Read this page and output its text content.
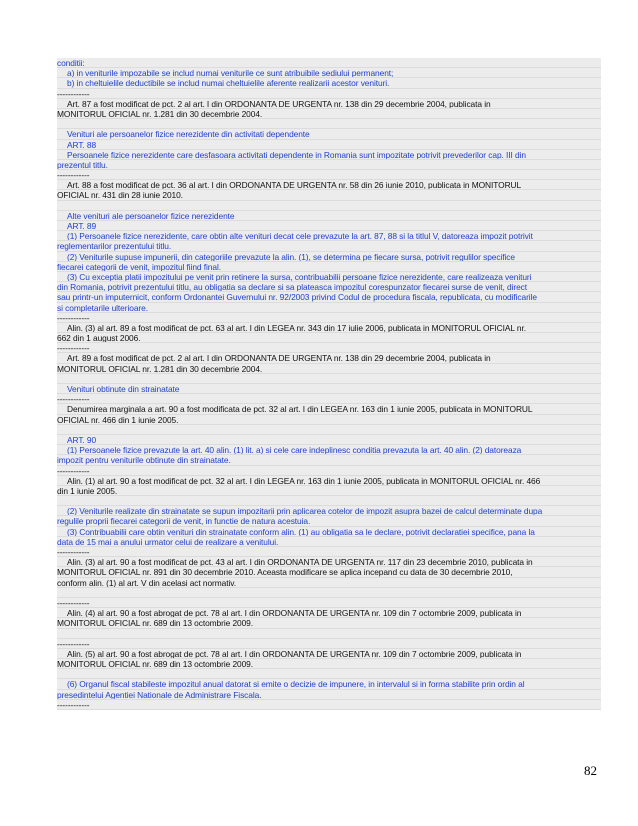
conditii:
a) in veniturile impozabile se includ numai veniturile ce sunt atribuibile sediului permanent;
b) in cheltuielile deductibile se includ numai cheltuielile aferente realizarii acestor venituri.
------------
Art. 87 a fost modificat de pct. 2 al art. I din ORDONANTA DE URGENTA nr. 138 din 29 decembrie 2004, publicata in
MONITORUL OFICIAL nr. 1.281 din 30 decembrie 2004.
Venituri ale persoanelor fizice nerezidente din activitati dependente
ART. 88
Persoanele fizice nerezidente care desfasoara activitati dependente in Romania sunt impozitate potrivit prevederilor cap. III din
prezentul titlu.
------------
Art. 88 a fost modificat de pct. 36 al art. I din ORDONANTA DE URGENTA nr. 58 din 26 iunie 2010, publicata in MONITORUL
OFICIAL nr. 431 din 28 iunie 2010.
Alte venituri ale persoanelor fizice nerezidente
ART. 89
(1) Persoanele fizice nerezidente, care obtin alte venituri decat cele prevazute la art. 87, 88 si la titlul V, datoreaza impozit potrivit
reglementarilor prezentului titlu.
(2) Veniturile supuse impunerii, din categoriile prevazute la alin. (1), se determina pe fiecare sursa, potrivit regulilor specifice
fiecarei categorii de venit, impozitul fiind final.
(3) Cu exceptia platii impozitului pe venit prin retinere la sursa, contribuabilii persoane fizice nerezidente, care realizeaza venituri
din Romania, potrivit prezentului titlu, au obligatia sa declare si sa plateasca impozitul corespunzator fiecarei surse de venit, direct
sau printr-un imputernicit, conform Ordonantei Guvernului nr. 92/2003 privind Codul de procedura fiscala, republicata, cu modificarile
si completarile ulterioare.
------------
Alin. (3) al art. 89 a fost modificat de pct. 63 al art. I din LEGEA nr. 343 din 17 iulie 2006, publicata in MONITORUL OFICIAL nr.
662 din 1 august 2006.
------------
Art. 89 a fost modificat de pct. 2 al art. I din ORDONANTA DE URGENTA nr. 138 din 29 decembrie 2004, publicata in
MONITORUL OFICIAL nr. 1.281 din 30 decembrie 2004.
Venituri obtinute din strainatate
------------
Denumirea marginala a art. 90 a fost modificata de pct. 32 al art. I din LEGEA nr. 163 din 1 iunie 2005, publicata in MONITORUL
OFICIAL nr. 466 din 1 iunie 2005.
ART. 90
(1) Persoanele fizice prevazute la art. 40 alin. (1) lit. a) si cele care indeplinesc conditia prevazuta la art. 40 alin. (2) datoreaza
impozit pentru veniturile obtinute din strainatate.
------------
Alin. (1) al art. 90 a fost modificat de pct. 32 al art. I din LEGEA nr. 163 din 1 iunie 2005, publicata in MONITORUL OFICIAL nr. 466
din 1 iunie 2005.
(2) Veniturile realizate din strainatate se supun impozitarii prin aplicarea cotelor de impozit asupra bazei de calcul determinate dupa
regulile proprii fiecarei categorii de venit, in functie de natura acestuia.
(3) Contribuabilii care obtin venituri din strainatate conform alin. (1) au obligatia sa le declare, potrivit declaratiei specifice, pana la
data de 15 mai a anului urmator celui de realizare a venitului.
------------
Alin. (3) al art. 90 a fost modificat de pct. 43 al art. I din ORDONANTA DE URGENTA nr. 117 din 23 decembrie 2010, publicata in
MONITORUL OFICIAL nr. 891 din 30 decembrie 2010. Aceasta modificare se aplica incepand cu data de 30 decembrie 2010,
conform alin. (1) al art. V din acelasi act normativ.
------------
Alin. (4) al art. 90 a fost abrogat de pct. 78 al art. I din ORDONANTA DE URGENTA nr. 109 din 7 octombrie 2009, publicata in
MONITORUL OFICIAL nr. 689 din 13 octombrie 2009.
------------
Alin. (5) al art. 90 a fost abrogat de pct. 78 al art. I din ORDONANTA DE URGENTA nr. 109 din 7 octombrie 2009, publicata in
MONITORUL OFICIAL nr. 689 din 13 octombrie 2009.
(6) Organul fiscal stabileste impozitul anual datorat si emite o decizie de impunere, in intervalul si in forma stabilite prin ordin al
presedintelui Agentiei Nationale de Administrare Fiscala.
------------
82
